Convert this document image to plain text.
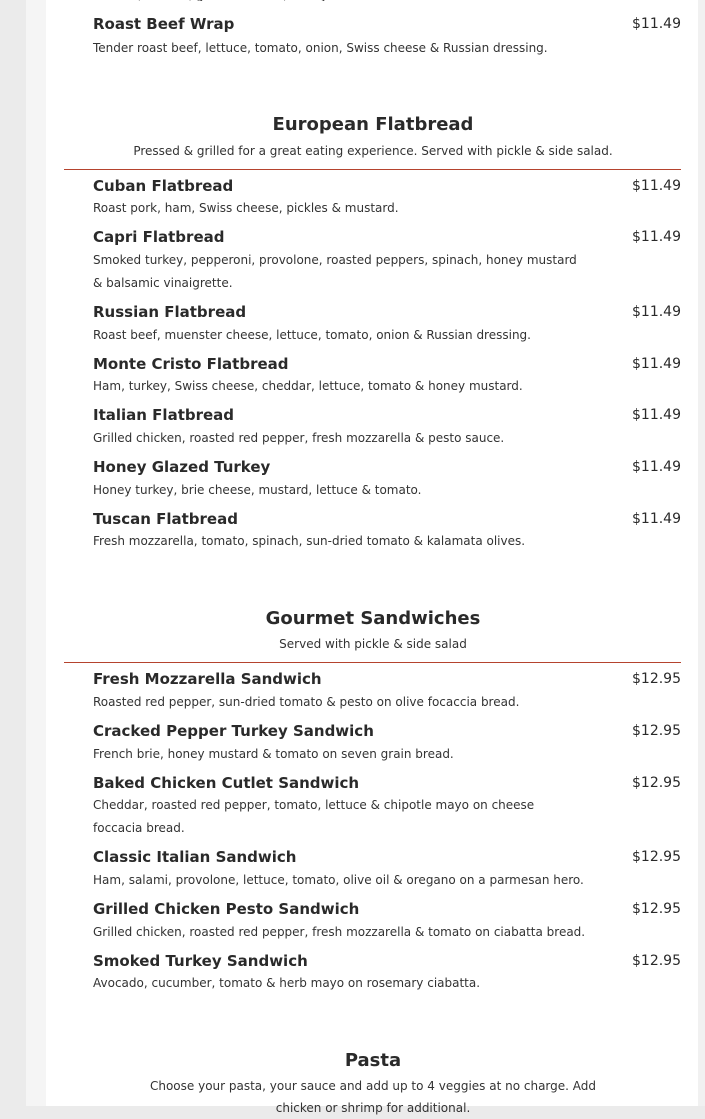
Roast Beef Wrap	$11.49
Tender roast beef, lettuce, tomato, onion, Swiss cheese & Russian dressing.
European Flatbread
Pressed & grilled for a great eating experience. Served with pickle & side salad.
Cuban Flatbread	$11.49
Roast pork, ham, Swiss cheese, pickles & mustard.
Capri Flatbread	$11.49
Smoked turkey, pepperoni, provolone, roasted peppers, spinach, honey mustard & balsamic vinaigrette.
Russian Flatbread	$11.49
Roast beef, muenster cheese, lettuce, tomato, onion & Russian dressing.
Monte Cristo Flatbread	$11.49
Ham, turkey, Swiss cheese, cheddar, lettuce, tomato & honey mustard.
Italian Flatbread	$11.49
Grilled chicken, roasted red pepper, fresh mozzarella & pesto sauce.
Honey Glazed Turkey	$11.49
Honey turkey, brie cheese, mustard, lettuce & tomato.
Tuscan Flatbread	$11.49
Fresh mozzarella, tomato, spinach, sun-dried tomato & kalamata olives.
Gourmet Sandwiches
Served with pickle & side salad
Fresh Mozzarella Sandwich	$12.95
Roasted red pepper, sun-dried tomato & pesto on olive focaccia bread.
Cracked Pepper Turkey Sandwich	$12.95
French brie, honey mustard & tomato on seven grain bread.
Baked Chicken Cutlet Sandwich	$12.95
Cheddar, roasted red pepper, tomato, lettuce & chipotle mayo on cheese foccacia bread.
Classic Italian Sandwich	$12.95
Ham, salami, provolone, lettuce, tomato, olive oil & oregano on a parmesan hero.
Grilled Chicken Pesto Sandwich	$12.95
Grilled chicken, roasted red pepper, fresh mozzarella & tomato on ciabatta bread.
Smoked Turkey Sandwich	$12.95
Avocado, cucumber, tomato & herb mayo on rosemary ciabatta.
Pasta
Choose your pasta, your sauce and add up to 4 veggies at no charge. Add chicken or shrimp for additional.
